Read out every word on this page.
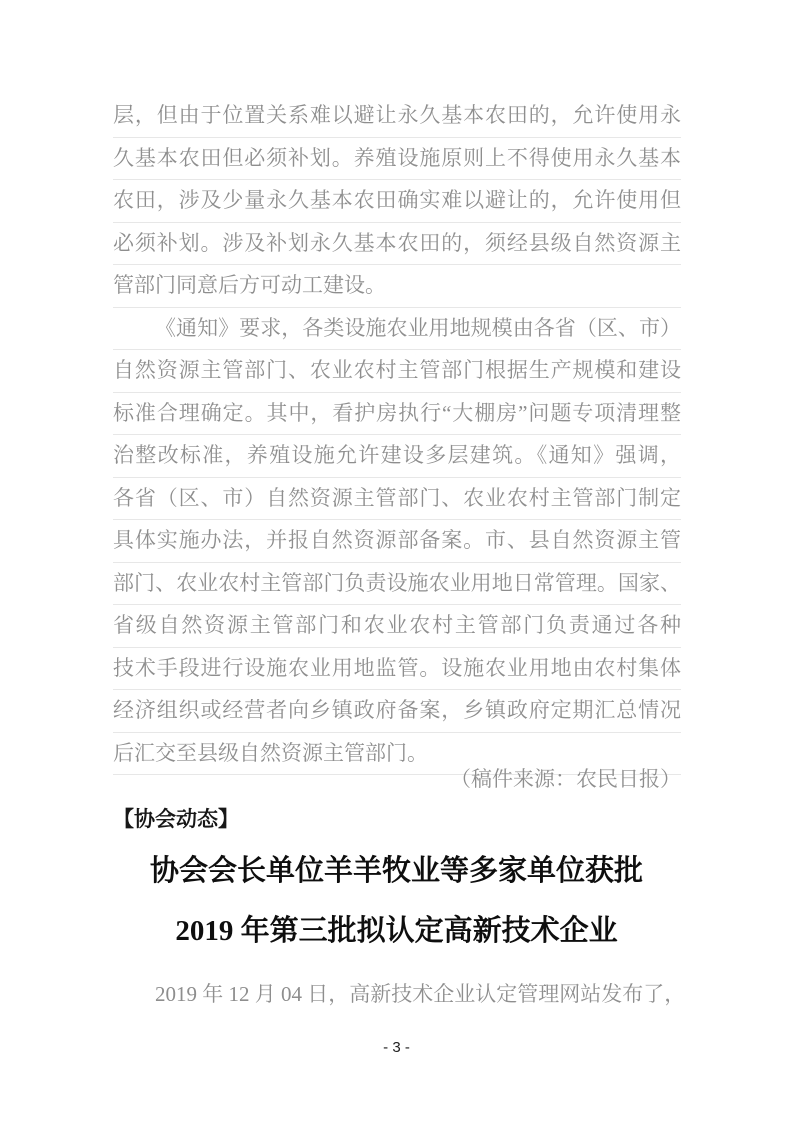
层，但由于位置关系难以避让永久基本农田的，允许使用永
久基本农田但必须补划。养殖设施原则上不得使用永久基本
农田，涉及少量永久基本农田确实难以避让的，允许使用但
必须补划。涉及补划永久基本农田的，须经县级自然资源主
管部门同意后方可动工建设。
《通知》要求，各类设施农业用地规模由各省（区、市）
自然资源主管部门、农业农村主管部门根据生产规模和建设
标准合理确定。其中，看护房执行“大棚房”问题专项清理整
治整改标准，养殖设施允许建设多层建筑。《通知》强调，
各省（区、市）自然资源主管部门、农业农村主管部门制定
具体实施办法，并报自然资源部备案。市、县自然资源主管
部门、农业农村主管部门负责设施农业用地日常管理。国家、
省级自然资源主管部门和农业农村主管部门负责通过各种
技术手段进行设施农业用地监管。设施农业用地由农村集体
经济组织或经营者向乡镇政府备案，乡镇政府定期汇总情况
后汇交至县级自然资源主管部门。
（稿件来源：农民日报）
【协会动态】
协会会长单位羊羊牧业等多家单位获批
2019 年第三批拟认定高新技术企业
2019 年 12 月 04 日，高新技术企业认定管理网站发布了，
- 3 -
